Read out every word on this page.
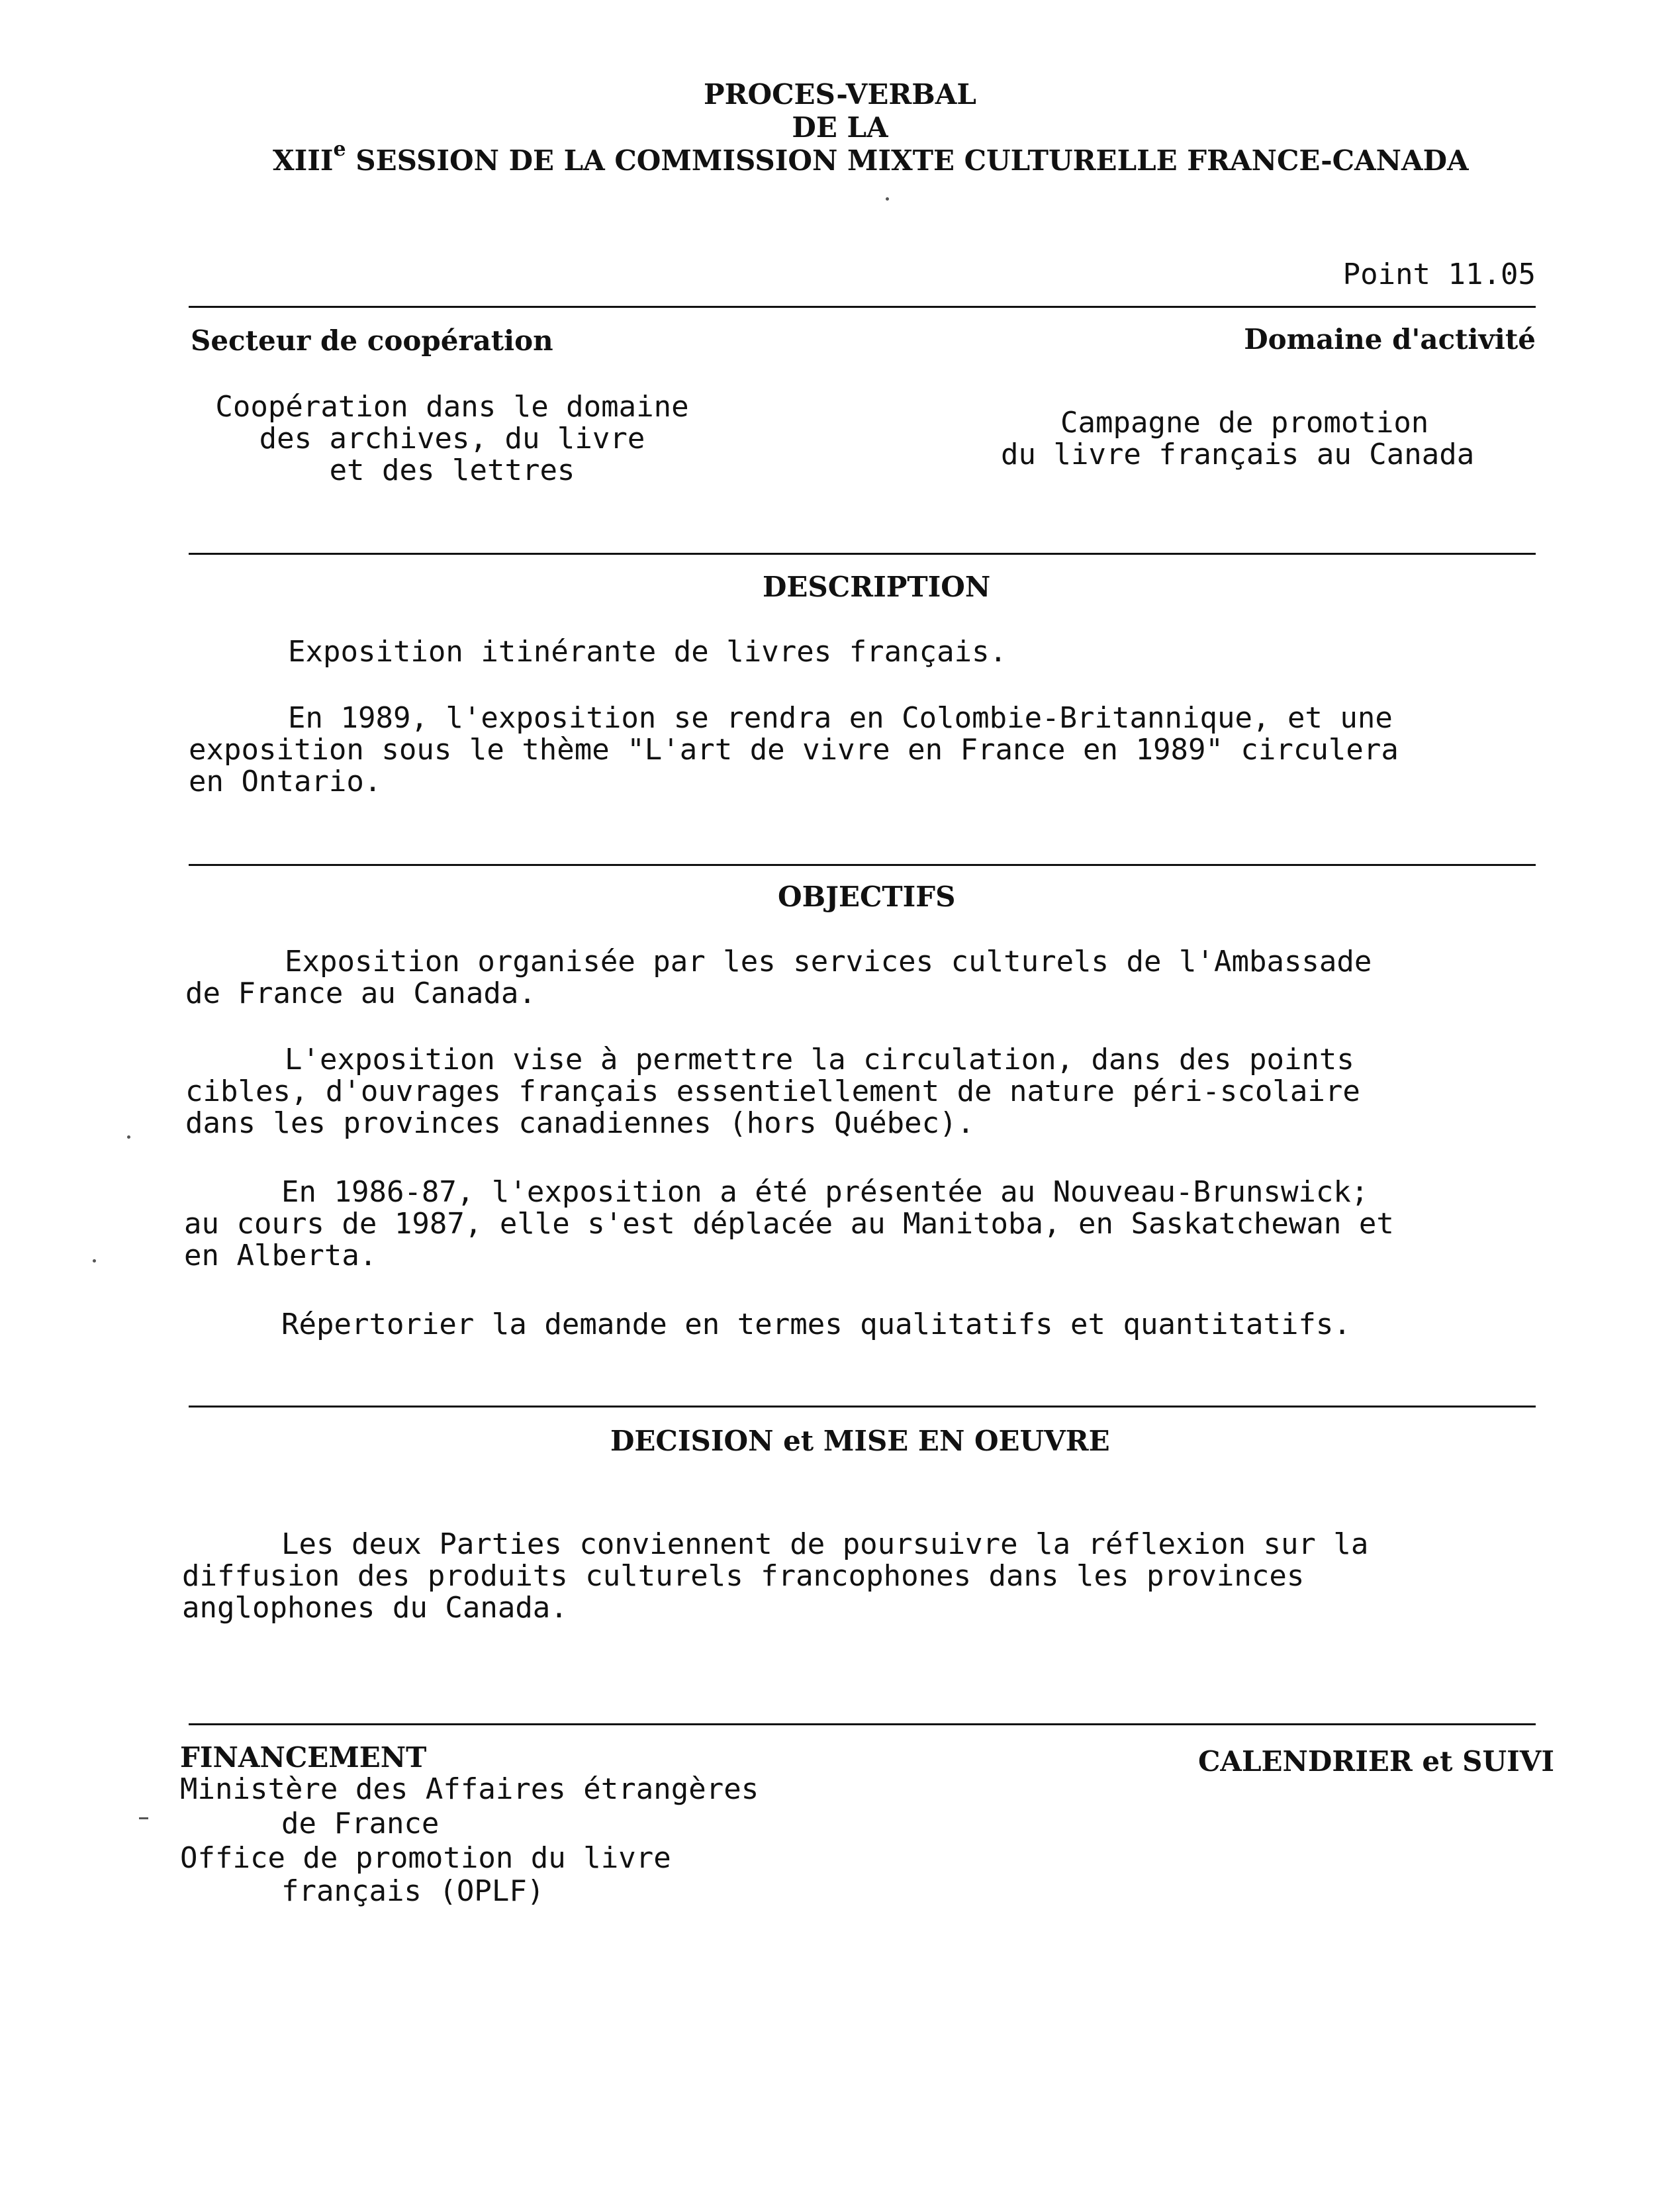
PROCES-VERBAL
DE LA
XIIIe SESSION DE LA COMMISSION MIXTE CULTURELLE FRANCE-CANADA
Point 11.05
Secteur de coopération	Domaine d'activité
Coopération dans le domaine
des archives, du livre
et des lettres
Campagne de promotion
du livre français au Canada
DESCRIPTION
Exposition itinérante de livres français.
En 1989, l'exposition se rendra en Colombie-Britannique, et une
exposition sous le thème "L'art de vivre en France en 1989" circulera
en Ontario.
OBJECTIFS
Exposition organisée par les services culturels de l'Ambassade
de France au Canada.
L'exposition vise à permettre la circulation, dans des points
cibles, d'ouvrages français essentiellement de nature péri-scolaire
dans les provinces canadiennes (hors Québec).
En 1986-87, l'exposition a été présentée au Nouveau-Brunswick;
au cours de 1987, elle s'est déplacée au Manitoba, en Saskatchewan et
en Alberta.
Répertorier la demande en termes qualitatifs et quantitatifs.
DECISION et MISE EN OEUVRE
Les deux Parties conviennent de poursuivre la réflexion sur la
diffusion des produits culturels francophones dans les provinces
anglophones du Canada.
FINANCEMENT	CALENDRIER et SUIVI
Ministère des Affaires étrangères
de France
Office de promotion du livre
français (OPLF)
